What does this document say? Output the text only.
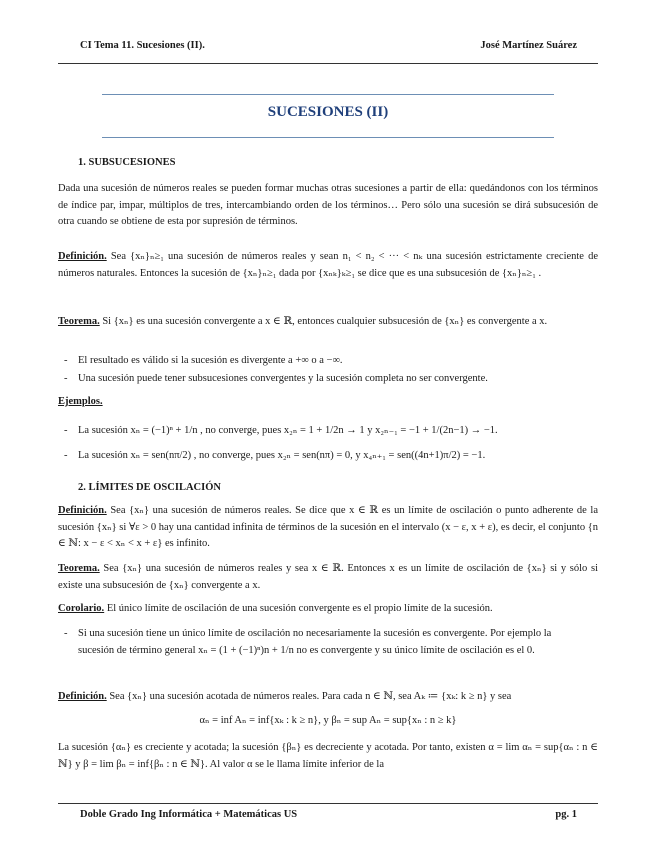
CI Tema 11. Sucesiones (II).	José Martínez Suárez
SUCESIONES (II)
1. SUBSUCESIONES
Dada una sucesión de números reales se pueden formar muchas otras sucesiones a partir de ella: quedándonos con los términos de índice par, impar, múltiplos de tres, intercambiando orden de los términos… Pero sólo una sucesión se dirá subsucesión de otra cuando se obtiene de esta por supresión de términos.
Definición. Sea {xₙ}ₙ≥₁ una sucesión de números reales y sean n₁ < n₂ < ··· < nₖ una sucesión estrictamente creciente de números naturales. Entonces la sucesión de {xₙ}ₙ≥₁ dada por {xₙₖ}ₖ≥₁ se dice que es una subsucesión de {xₙ}ₙ≥₁ .
Teorema. Si {xₙ} es una sucesión convergente a x ∈ ℝ, entonces cualquier subsucesión de {xₙ} es convergente a x.
- El resultado es válido si la sucesión es divergente a +∞ o a −∞.
- Una sucesión puede tener subsucesiones convergentes y la sucesión completa no ser convergente.
Ejemplos.
- La sucesión xₙ = (−1)ⁿ + 1/n , no converge, pues x₂ₙ = 1 + 1/2n → 1 y x₂ₙ₋₁ = −1 + 1/(2n−1) → −1.
- La sucesión xₙ = sen(nπ/2) , no converge, pues x₂ₙ = sen(nπ) = 0, y x₄ₙ₊₁ = sen((4n+1)π/2) = −1.
2. LÍMITES DE OSCILACIÓN
Definición. Sea {xₙ} una sucesión de números reales. Se dice que x ∈ ℝ es un límite de oscilación o punto adherente de la sucesión {xₙ} si ∀ε > 0 hay una cantidad infinita de términos de la sucesión en el intervalo (x − ε, x + ε), es decir, el conjunto {n ∈ ℕ: x − ε < xₙ < x + ε} es infinito.
Teorema. Sea {xₙ} una sucesión de números reales y sea x ∈ ℝ. Entonces x es un límite de oscilación de {xₙ} si y sólo si existe una subsucesión de {xₙ} convergente a x.
Corolario. El único límite de oscilación de una sucesión convergente es el propio límite de la sucesión.
- Si una sucesión tiene un único límite de oscilación no necesariamente la sucesión es convergente. Por ejemplo la sucesión de término general xₙ = (1 + (−1)ⁿ)n + 1/n no es convergente y su único límite de oscilación es el 0.
Definición. Sea {xₙ} una sucesión acotada de números reales. Para cada n ∈ ℕ, sea Aₖ ≔ {xₖ: k ≥ n} y sea
αₙ = inf Aₙ = inf{xₖ : k ≥ n}, y βₙ = sup Aₙ = sup{xₙ : n ≥ k}
La sucesión {αₙ} es creciente y acotada; la sucesión {βₙ} es decreciente y acotada. Por tanto, existen α = lim αₙ = sup{αₙ : n ∈ ℕ} y β = lim βₙ = inf{βₙ : n ∈ ℕ}. Al valor α se le llama límite inferior de la
Doble Grado Ing Informática + Matemáticas US	pg. 1
